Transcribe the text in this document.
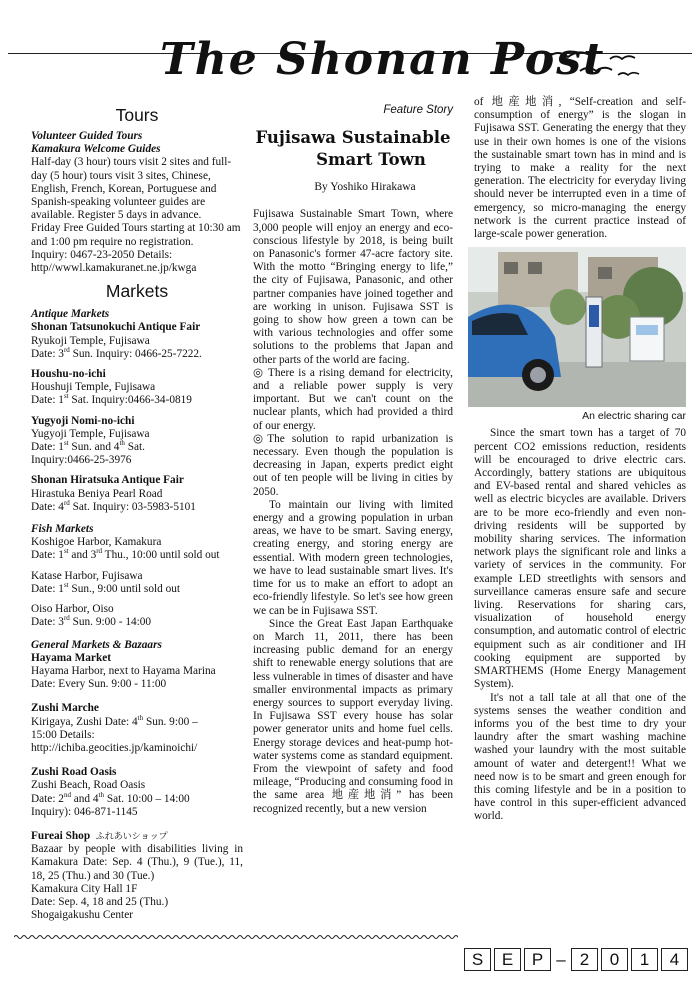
The Shonan Post
Tours
Volunteer Guided Tours
Kamakura Welcome Guides

Half-day (3 hour) tours visit 2 sites and full-day (5 hour) tours visit 3 sites, Chinese, English, French, Korean, Portuguese and Spanish-speaking volunteer guides are available. Register 5 days in advance.

Friday Free Guided Tours starting at 10:30 am and 1:00 pm require no registration.

Inquiry: 0467-23-2050 Details:

http//wwwl.kamakuranet.ne.jp/kwga

Markets
Antique Markets
Shonan Tatsunokuchi Antique Fair
Ryukoji Temple, Fujisawa
Date: 3rd Sun. Inquiry: 0466-25-7222.
Houshu-no-ichi
Houshuji Temple, Fujisawa
Date: 1st Sat. Inquiry:0466-34-0819
Yugyoji Nomi-no-ichi
Yugyoji Temple, Fujisawa
Date: 1st Sun. and 4th Sat.
Inquiry:0466-25-3976
Shonan Hiratsuka Antique Fair
Hirastuka Beniya Pearl Road
Date: 4rd Sat. Inquiry: 03-5983-5101
Fish Markets
Koshigoe Harbor, Kamakura
Date: 1st and 3rd Thu., 10:00 until sold out
Katase Harbor, Fujisawa
Date: 1st Sun., 9:00 until sold out
Oiso Harbor, Oiso
Date: 3rd Sun. 9:00 - 14:00
General Markets & Bazaars
Hayama Market
Hayama Harbor, next to Hayama Marina
Date: Every Sun. 9:00 - 11:00
Zushi Marche
Kirigaya, Zushi Date: 4th Sun. 9:00 –
15:00 Details:
http://ichiba.geocities.jp/kaminoichi/
Zushi Road Oasis
Zushi Beach, Road Oasis
Date: 2nd and 4th Sat. 10:00 – 14:00
Inquiry): 046-871-1145
Fureai Shop ふれあいショップ

Bazaar by people with disabilities living in Kamakura Date: Sep. 4 (Thu.), 9 (Tue.), 11, 18, 25 (Thu.) and 30 (Tue.)

Kamakura City Hall 1F
Date: Sep. 4, 18 and 25 (Thu.)
Shogaigakushu Center
Feature Story
Fujisawa Sustainable
Smart Town
By Yoshiko Hirakawa

Fujisawa Sustainable Smart Town, where 3,000 people will enjoy an energy and eco-conscious lifestyle by 2018, is being built on Panasonic's former 47-acre factory site. With the motto “Bringing energy to life,” the city of Fujisawa, Panasonic, and other partner companies have joined together and are working in unison. Fujisawa SST is going to show how green a town can be with various technologies and offer some solutions to the problems that Japan and other parts of the world are facing.

◎ There is a rising demand for electricity, and a reliable power supply is very important. But we can't count on the nuclear plants, which had provided a third of our energy.

◎The solution to rapid urbanization is necessary. Even though the population is decreasing in Japan, experts predict eight out of ten people will be living in cities by 2050.

To maintain our living with limited energy and a growing population in urban areas, we have to be smart. Saving energy, creating energy, and storing energy are essential. With modern green technologies, we have to lead sustainable smart lives. It's time for us to make an effort to adopt an eco-friendly lifestyle. So let's see how green we can be in Fujisawa SST.

Since the Great East Japan Earthquake on March 11, 2011, there has been increasing public demand for an energy shift to renewable energy solutions that are less vulnerable in times of disaster and have smaller environmental impacts as primary energy sources to support everyday living. In Fujisawa SST every house has solar power generator units and home fuel cells. Energy storage devices and heat-pump hot-water systems come as standard equipment. From the viewpoint of safety and food mileage, “Producing and consuming food in the same area 地産地消” has been recognized recently, but a new version

of 地産地消, “Self-creation and self-consumption of energy” is the slogan in Fujisawa SST. Generating the energy that they use in their own homes is one of the visions the sustainable smart town has in mind and is trying to make a reality for the next generation. The electricity for everyday living should never be interrupted even in a time of emergency, so micro-managing the energy network is the current practice instead of large-scale power generation.

An electric sharing car

Since the smart town has a target of 70 percent CO2 emissions reduction, residents will be encouraged to drive electric cars. Accordingly, battery stations are ubiquitous and EV-based rental and shared vehicles as well as electric bicycles are available. Drivers are to be more eco-friendly and even non-driving residents will be supported by mobility sharing services. The information network plays the significant role and links a variety of services in the community. For example LED streetlights with sensors and surveillance cameras ensure safe and secure living. Reservations for sharing cars, visualization of household energy consumption, and automatic control of electric equipment such as air conditioner and IH cooking equipment are supported by SMARTHEMS (Home Energy Management System).

It's not a tall tale at all that one of the systems senses the weather condition and informs you of the best time to dry your laundry after the smart washing machine washed your laundry with the most suitable amount of water and detergent!! What we need now is to be smart and green enough for this coming lifestyle and be in a position to have control in this super-efficient advanced world.

S	E	P – 2	0	1	4
